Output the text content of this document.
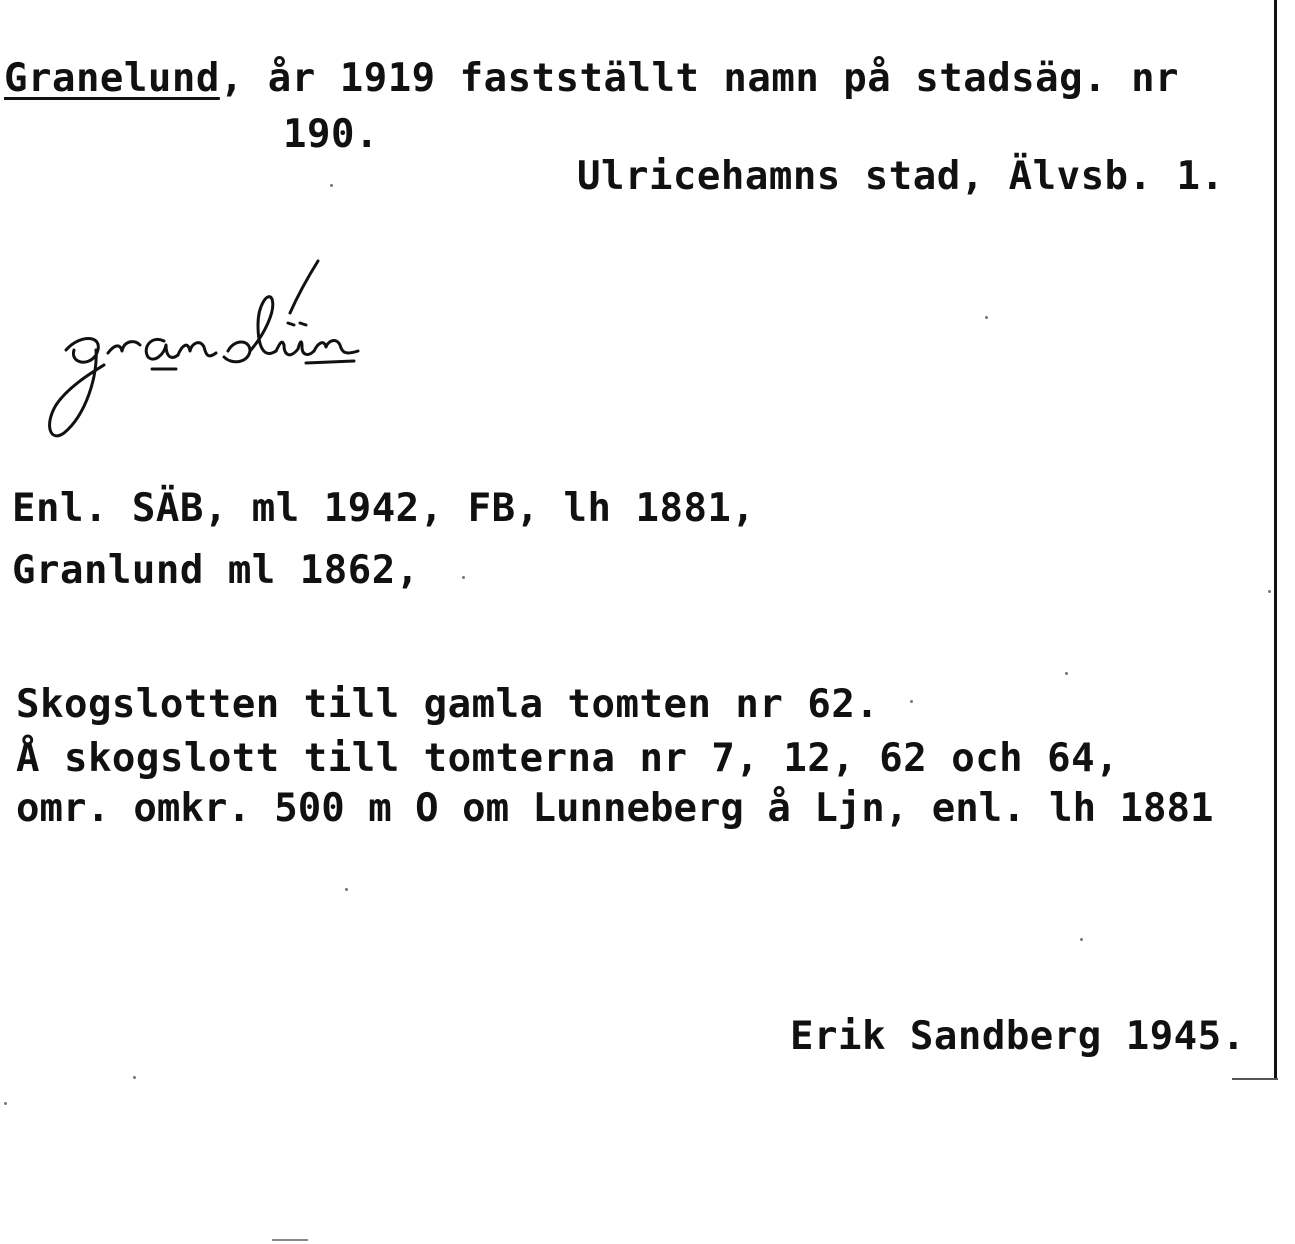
Granelund, år 1919 fastställt namn på stadsäg. nr
190.
Ulricehamns stad, Älvsb. 1.
Enl. SÄB, ml 1942, FB, lh 1881,
Granlund ml 1862,
Skogslotten till gamla tomten nr 62.
Å skogslott till tomterna nr 7, 12, 62 och 64,
omr. omkr. 500 m O om Lunneberg å Ljn, enl. lh 1881
Erik Sandberg 1945.
